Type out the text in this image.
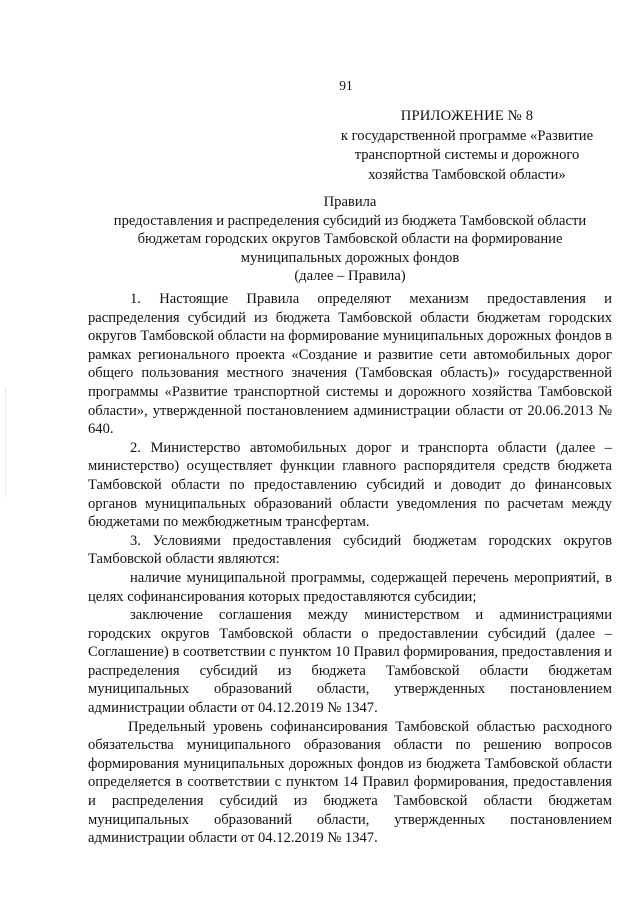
91
ПРИЛОЖЕНИЕ № 8
к государственной программе «Развитие
транспортной системы и дорожного
хозяйства Тамбовской области»
Правила
предоставления и распределения субсидий из бюджета Тамбовской области
бюджетам городских округов Тамбовской области на формирование
муниципальных дорожных фондов
(далее – Правила)

1. Настоящие Правила определяют механизм предоставления и распределения субсидий из бюджета Тамбовской области бюджетам городских округов Тамбовской области на формирование муниципальных дорожных фондов в рамках регионального проекта «Создание и развитие сети автомобильных дорог общего пользования местного значения (Тамбовская область)» государственной программы «Развитие транспортной системы и дорожного хозяйства Тамбовской области», утвержденной постановлением администрации области от 20.06.2013 № 640.

2. Министерство автомобильных дорог и транспорта области (далее – министерство) осуществляет функции главного распорядителя средств бюджета Тамбовской области по предоставлению субсидий и доводит до финансовых органов муниципальных образований области уведомления по расчетам между бюджетами по межбюджетным трансфертам.

3. Условиями предоставления субсидий бюджетам городских округов Тамбовской области являются:

наличие муниципальной программы, содержащей перечень мероприятий, в целях софинансирования которых предоставляются субсидии;

заключение соглашения между министерством и администрациями городских округов Тамбовской области о предоставлении субсидий (далее – Соглашение) в соответствии с пунктом 10 Правил формирования, предоставления и распределения субсидий из бюджета Тамбовской области бюджетам муниципальных образований области, утвержденных постановлением администрации области от 04.12.2019 № 1347.

Предельный уровень софинансирования Тамбовской областью расходного обязательства муниципального образования области по решению вопросов формирования муниципальных дорожных фондов из бюджета Тамбовской области определяется в соответствии с пунктом 14 Правил формирования, предоставления и распределения субсидий из бюджета Тамбовской области бюджетам муниципальных образований области, утвержденных постановлением администрации области от 04.12.2019 № 1347.
